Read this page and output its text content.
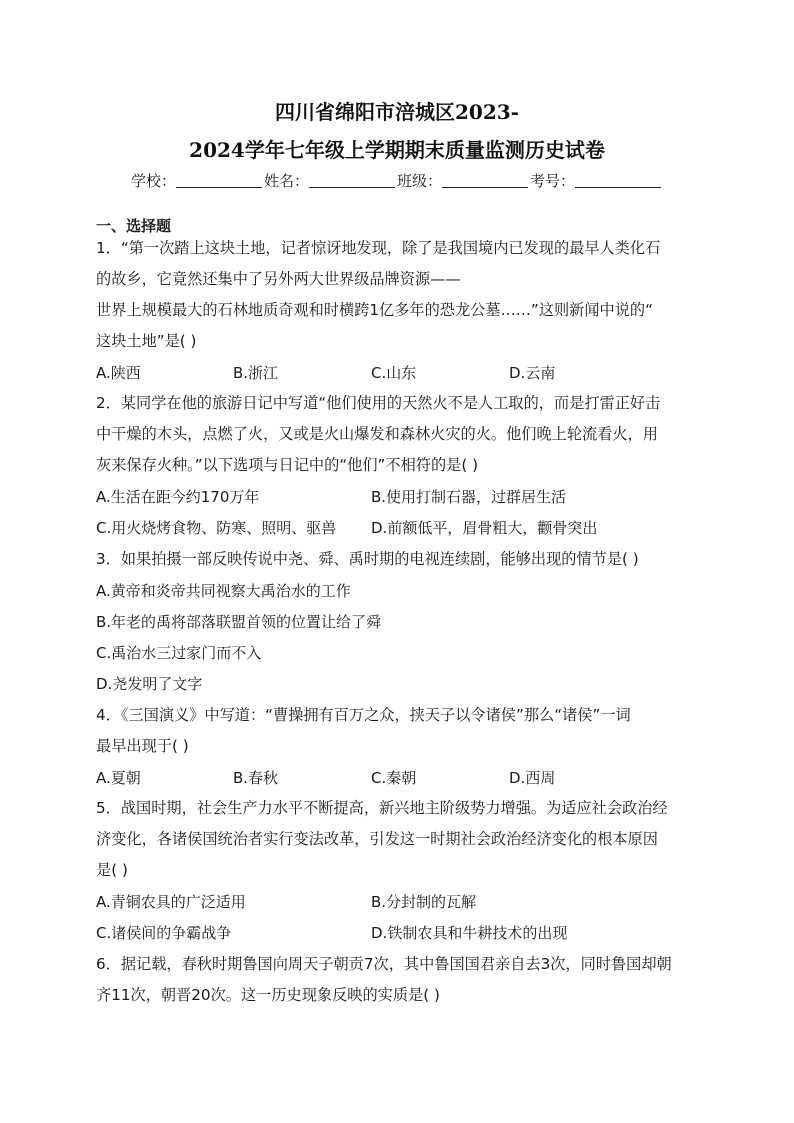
四川省绵阳市涪城区2023-
2024学年七年级上学期期末质量监测历史试卷
学校：	姓名：	班级：	考号：
一、选择题
1．“第一次踏上这块土地，记者惊讶地发现，除了是我国境内已发现的最早人类化石
的故乡，它竟然还集中了另外两大世界级品牌资源——
世界上规模最大的石林地质奇观和时横跨1亿多年的恐龙公墓……”这则新闻中说的“
这块土地”是( )
A.陕西	B.浙江	C.山东	D.云南
2．某同学在他的旅游日记中写道“他们使用的天然火不是人工取的，而是打雷正好击
中干燥的木头，点燃了火，又或是火山爆发和森林火灾的火。他们晚上轮流看火，用
灰来保存火种。”以下选项与日记中的“他们”不相符的是( )
A.生活在距今约170万年	B.使用打制石器，过群居生活
C.用火烧烤食物、防寒、照明、驱兽 D.前额低平，眉骨粗大，颧骨突出
3．如果拍摄一部反映传说中尧、舜、禹时期的电视连续剧，能够出现的情节是( )
A.黄帝和炎帝共同视察大禹治水的工作
B.年老的禹将部落联盟首领的位置让给了舜
C.禹治水三过家门而不入
D.尧发明了文字
4．《三国演义》中写道：“曹操拥有百万之众，挟天子以令诸侯”那么“诸侯”一词
最早出现于( )
A.夏朝	B.春秋	C.秦朝	D.西周
5．战国时期，社会生产力水平不断提高，新兴地主阶级势力增强。为适应社会政治经
济变化，各诸侯国统治者实行变法改革，引发这一时期社会政治经济变化的根本原因
是( )
A.青铜农具的广泛适用	B.分封制的瓦解
C.诸侯间的争霸战争	D.铁制农具和牛耕技术的出现
6．据记载，春秋时期鲁国向周天子朝贡7次，其中鲁国国君亲自去3次，同时鲁国却朝
齐11次，朝晋20次。这一历史现象反映的实质是( )
